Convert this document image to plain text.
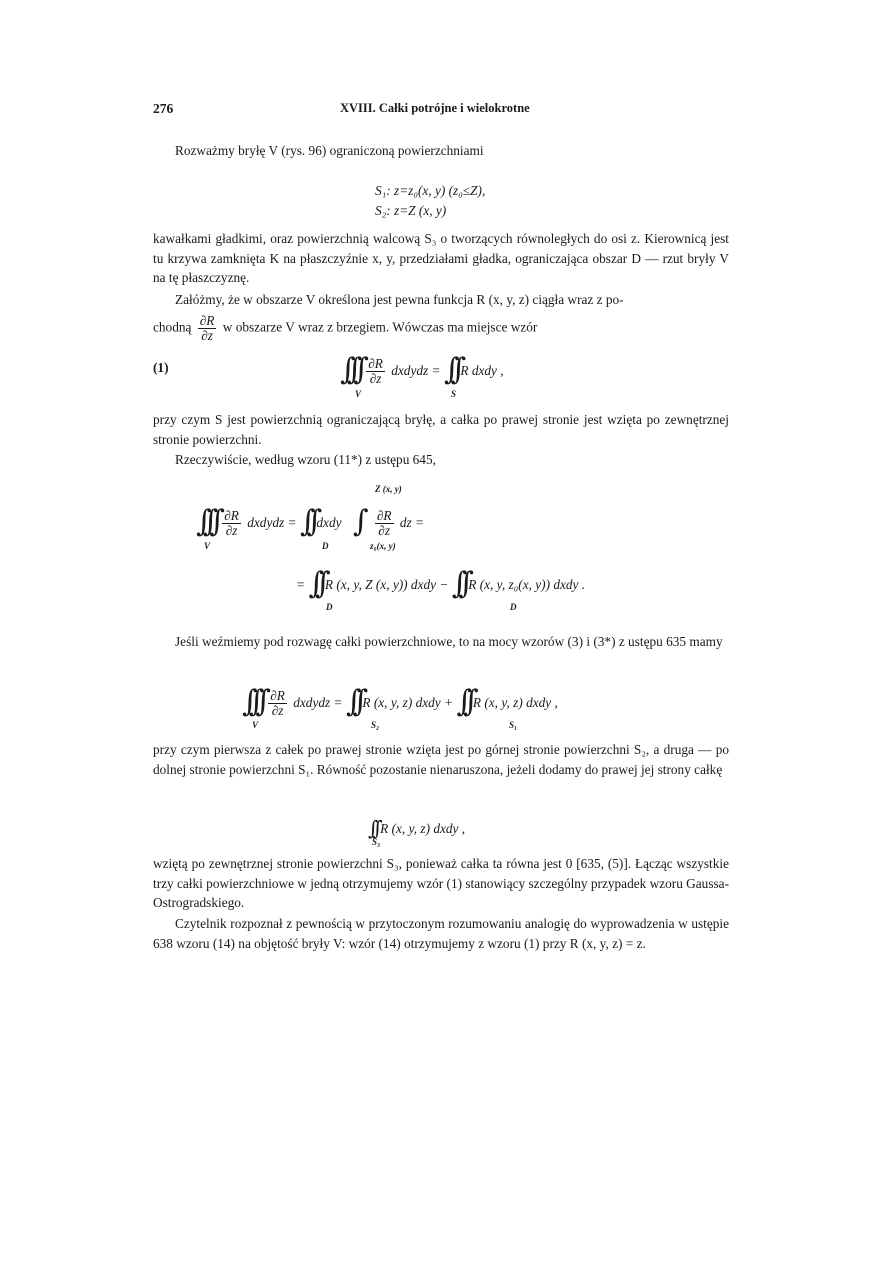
276	XVIII. Całki potrójne i wielokrotne
Rozważmy bryłę V (rys. 96) ograniczoną powierzchniami
S₁: z=z₀(x, y) (z₀≤Z),
S₂: z=Z (x, y)
kawałkami gładkimi, oraz powierzchnią walcową S₃ o tworzących równoległych do osi z. Kierownicą jest tu krzywa zamknięta K na płaszczyźnie x, y, przedziałami gładka, ograniczająca obszar D — rzut bryły V na tę płaszczyznę.
Załóżmy, że w obszarze V określona jest pewna funkcja R (x, y, z) ciągła wraz z po-
chodną $\frac{\partial R}{\partial z}$ w obszarze V wraz z brzegiem. Wówczas ma miejsce wzór
(1)	∫∫∫ $\frac{\partial R}{\partial z}$ dxdydz = ∫∫ R dxdy ,
V	S
przy czym S jest powierzchnią ograniczającą bryłę, a całka po prawej stronie jest wzięta po zewnętrznej stronie powierzchni.
Rzeczywiście, według wzoru (11*) z ustępu 645,
Z (x, y)
∫∫∫ $\frac{\partial R}{\partial z}$ dxdydz = ∫∫ dxdy ∫ $\frac{\partial R}{\partial z}$ dz =
V	D	z₀(x, y)
= ∫∫ R (x, y, Z (x, y)) dxdy − ∫∫ R (x, y, z₀(x, y)) dxdy .
D	D
Jeśli weźmiemy pod rozwagę całki powierzchniowe, to na mocy wzorów (3) i (3*) z ustępu 635 mamy
∫∫∫ $\frac{\partial R}{\partial z}$ dxdydz = ∫∫ R (x, y, z) dxdy + ∫∫ R (x, y, z) dxdy ,
V	S₂	S₁
przy czym pierwsza z całek po prawej stronie wzięta jest po górnej stronie powierzchni S₂, a druga — po dolnej stronie powierzchni S₁. Równość pozostanie nienaruszona, jeżeli dodamy do prawej jej strony całkę
∫∫ R (x, y, z) dxdy ,
S₃
wziętą po zewnętrznej stronie powierzchni S₃, ponieważ całka ta równa jest 0 [635, (5)]. Łącząc wszystkie trzy całki powierzchniowe w jedną otrzymujemy wzór (1) stanowiący szczególny przypadek wzoru Gaussa-Ostrogradskiego.
Czytelnik rozpoznał z pewnością w przytoczonym rozumowaniu analogię do wyprowadzenia w ustępie 638 wzoru (14) na objętość bryły V: wzór (14) otrzymujemy z wzoru (1) przy R (x, y, z) = z.
